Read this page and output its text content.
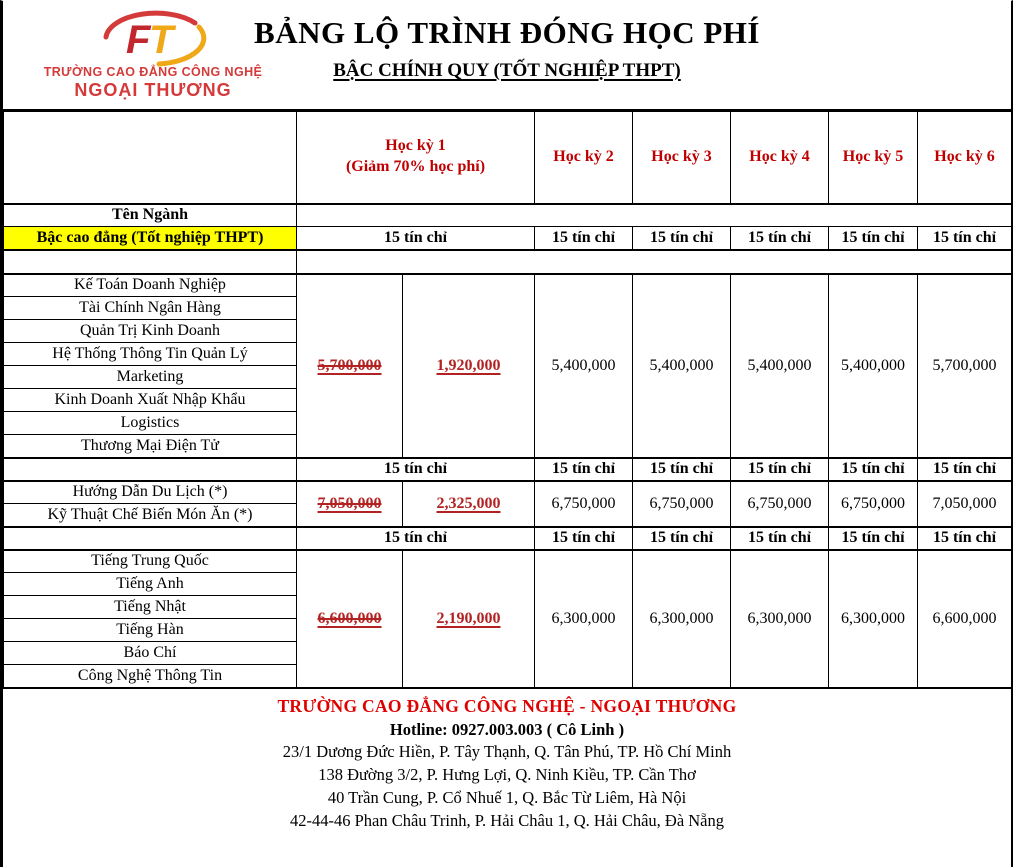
F
T
TRƯỜNG CAO ĐẲNG CÔNG NGHỆ
NGOẠI THƯƠNG
BẢNG LỘ TRÌNH ĐÓNG HỌC PHÍ
BẬC CHÍNH QUY (TỐT NGHIỆP THPT)

	Học kỳ 1
(Giảm 70% học phí)		Học kỳ 2	Học kỳ 3	Học kỳ 4	Học kỳ 5	Học kỳ 6
Tên Ngành							
Bậc cao đẳng (Tốt nghiệp THPT)	15 tín chỉ		15 tín chỉ	15 tín chỉ	15 tín chỉ	15 tín chỉ	15 tín chỉ

Kế Toán Doanh Nghiệp	5,700,000	1,920,000	5,400,000	5,400,000	5,400,000	5,400,000	5,700,000
Tài Chính Ngân Hàng							
Quản Trị Kinh Doanh							
Hệ Thống Thông Tin Quản Lý							
Marketing							
Kinh Doanh Xuất Nhập Khẩu							
Logistics							
Thương Mại Điện Tử							
	15 tín chỉ		15 tín chỉ	15 tín chỉ	15 tín chỉ	15 tín chỉ	15 tín chỉ
Hướng Dẫn Du Lịch (*)	7,050,000	2,325,000	6,750,000	6,750,000	6,750,000	6,750,000	7,050,000
Kỹ Thuật Chế Biến Món Ăn (*)							
	15 tín chỉ		15 tín chỉ	15 tín chỉ	15 tín chỉ	15 tín chỉ	15 tín chỉ
Tiếng Trung Quốc	6,600,000	2,190,000	6,300,000	6,300,000	6,300,000	6,300,000	6,600,000
Tiếng Anh							
Tiếng Nhật							
Tiếng Hàn							
Báo Chí							
Công Nghệ Thông Tin							
TRƯỜNG CAO ĐẲNG CÔNG NGHỆ - NGOẠI THƯƠNG
Hotline: 0927.003.003 ( Cô Linh )
23/1 Dương Đức Hiền, P. Tây Thạnh, Q. Tân Phú, TP. Hồ Chí Minh
138 Đường 3/2, P. Hưng Lợi, Q. Ninh Kiều, TP. Cần Thơ
40 Trần Cung, P. Cổ Nhuế 1, Q. Bắc Từ Liêm, Hà Nội
42-44-46 Phan Châu Trinh, P. Hải Châu 1, Q. Hải Châu, Đà Nẵng
